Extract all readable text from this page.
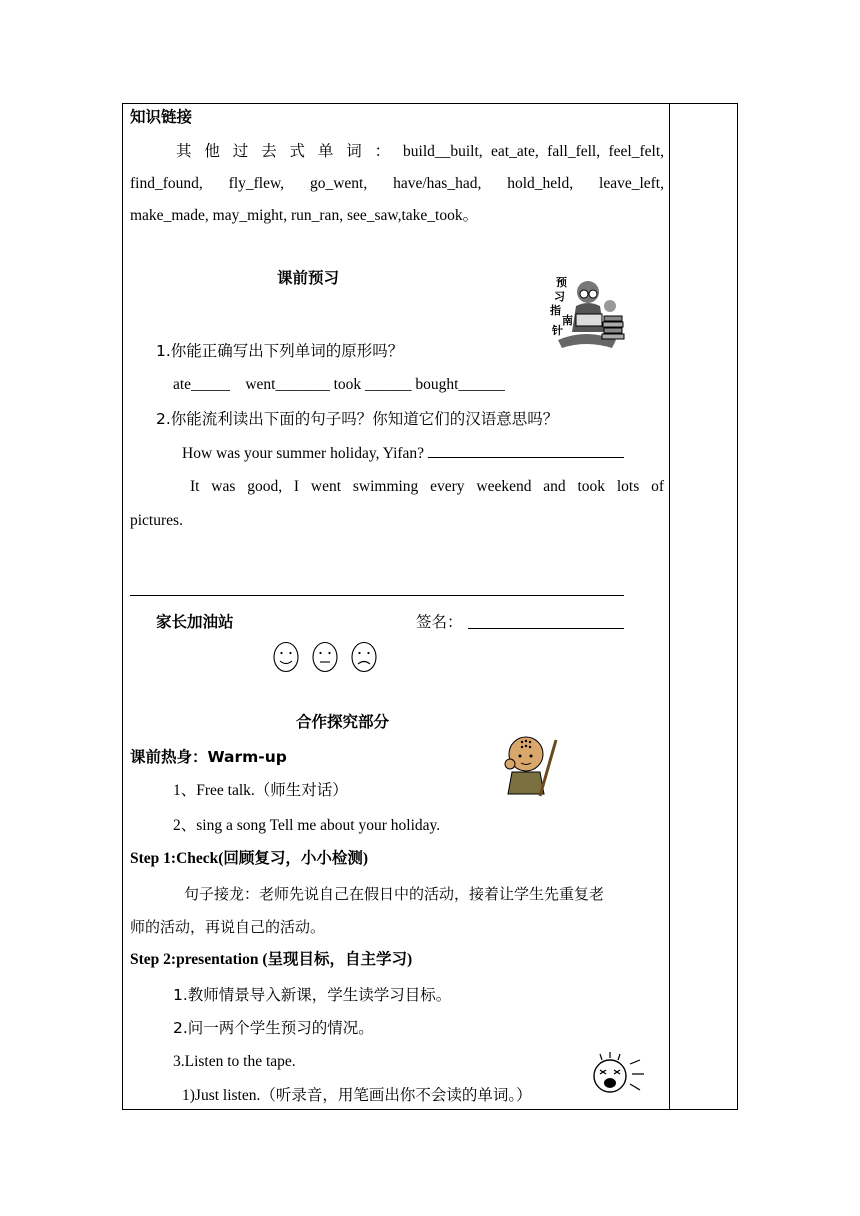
知识链接
其 他 过 去 式 单 词 ： build__built, eat_ate, fall_fell, feel_felt,
find_found, fly_flew, go_went, have/has_had, hold_held, leave_left,
make_made, may_might, run_ran, see_saw,take_took。
课前预习	预
习
指
南
针
1.你能正确写出下列单词的原形吗？
ate_____    went_______ took ______ bought______
2.你能流利读出下面的句子吗？你知道它们的汉语意思吗？
How was your summer holiday, Yifan?
It was good, I went swimming every weekend and took lots of
pictures.
家长加油站	签名：
合作探究部分
课前热身：Warm-up
1、Free talk.（师生对话）
2、sing a song Tell me about your holiday.
Step 1:Check(回顾复习，小小检测)
句子接龙：老师先说自己在假日中的活动，接着让学生先重复老
师的活动，再说自己的活动。
Step 2:presentation (呈现目标，自主学习)
1.教师情景导入新课，学生读学习目标。
2.问一两个学生预习的情况。
3.Listen to the tape.
1)Just listen.（听录音，用笔画出你不会读的单词。）
